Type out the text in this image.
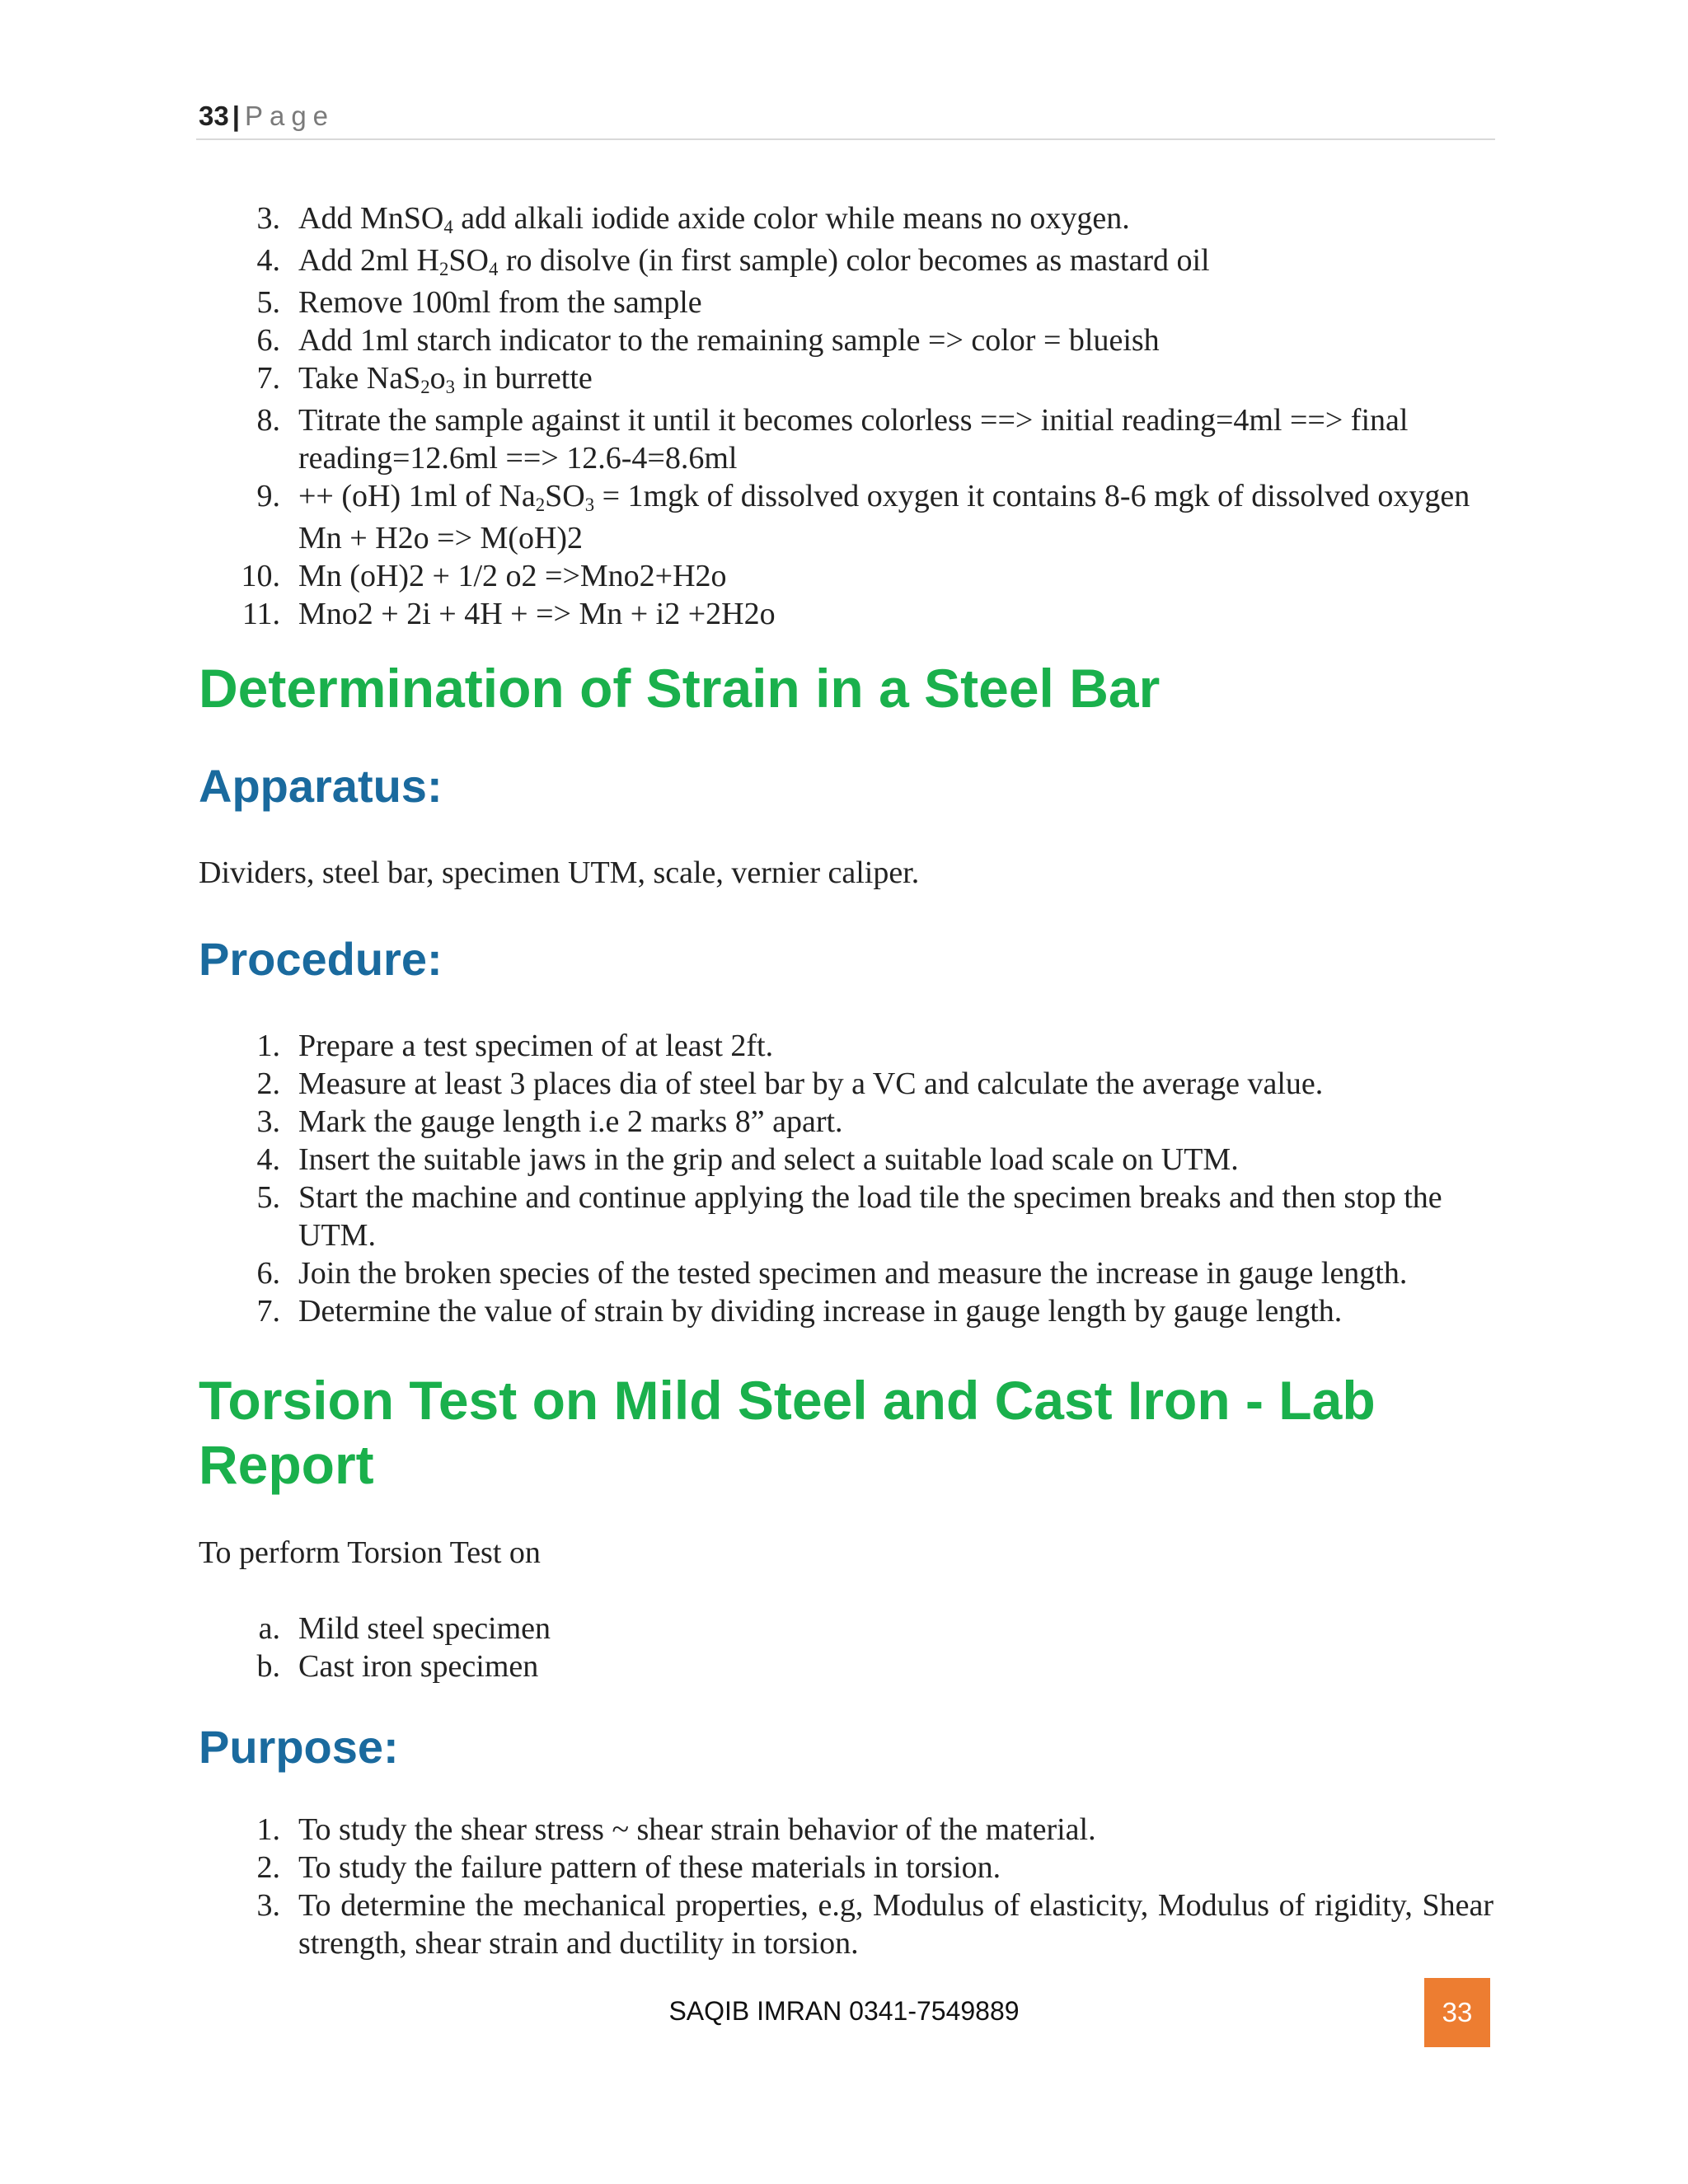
33 | Page
3. Add MnSO4 add alkali iodide axide color while means no oxygen.
4. Add 2ml H2SO4 ro disolve (in first sample) color becomes as mastard oil
5. Remove 100ml from the sample
6. Add 1ml starch indicator to the remaining sample => color = blueish
7. Take NaS2o3 in burrette
8. Titrate the sample against it until it becomes colorless ==> initial reading=4ml ==> final reading=12.6ml ==> 12.6-4=8.6ml
9. ++ (oH) 1ml of Na2SO3 = 1mgk of dissolved oxygen it contains 8-6 mgk of dissolved oxygen Mn + H2o => M(oH)2
10. Mn (oH)2 + 1/2 o2 =>Mno2+H2o
11. Mno2 + 2i + 4H + => Mn + i2 +2H2o
Determination of Strain in a Steel Bar
Apparatus:
Dividers, steel bar, specimen UTM, scale, vernier caliper.
Procedure:
1. Prepare a test specimen of at least 2ft.
2. Measure at least 3 places dia of steel bar by a VC and calculate the average value.
3. Mark the gauge length i.e 2 marks 8” apart.
4. Insert the suitable jaws in the grip and select a suitable load scale on UTM.
5. Start the machine and continue applying the load tile the specimen breaks and then stop the UTM.
6. Join the broken species of the tested specimen and measure the increase in gauge length.
7. Determine the value of strain by dividing increase in gauge length by gauge length.
Torsion Test on Mild Steel and Cast Iron - Lab Report
To perform Torsion Test on
a. Mild steel specimen
b. Cast iron specimen
Purpose:
1. To study the shear stress ~ shear strain behavior of the material.
2. To study the failure pattern of these materials in torsion.
3. To determine the mechanical properties, e.g, Modulus of elasticity, Modulus of rigidity, Shear strength, shear strain and ductility in torsion.
SAQIB IMRAN 0341-7549889	33
